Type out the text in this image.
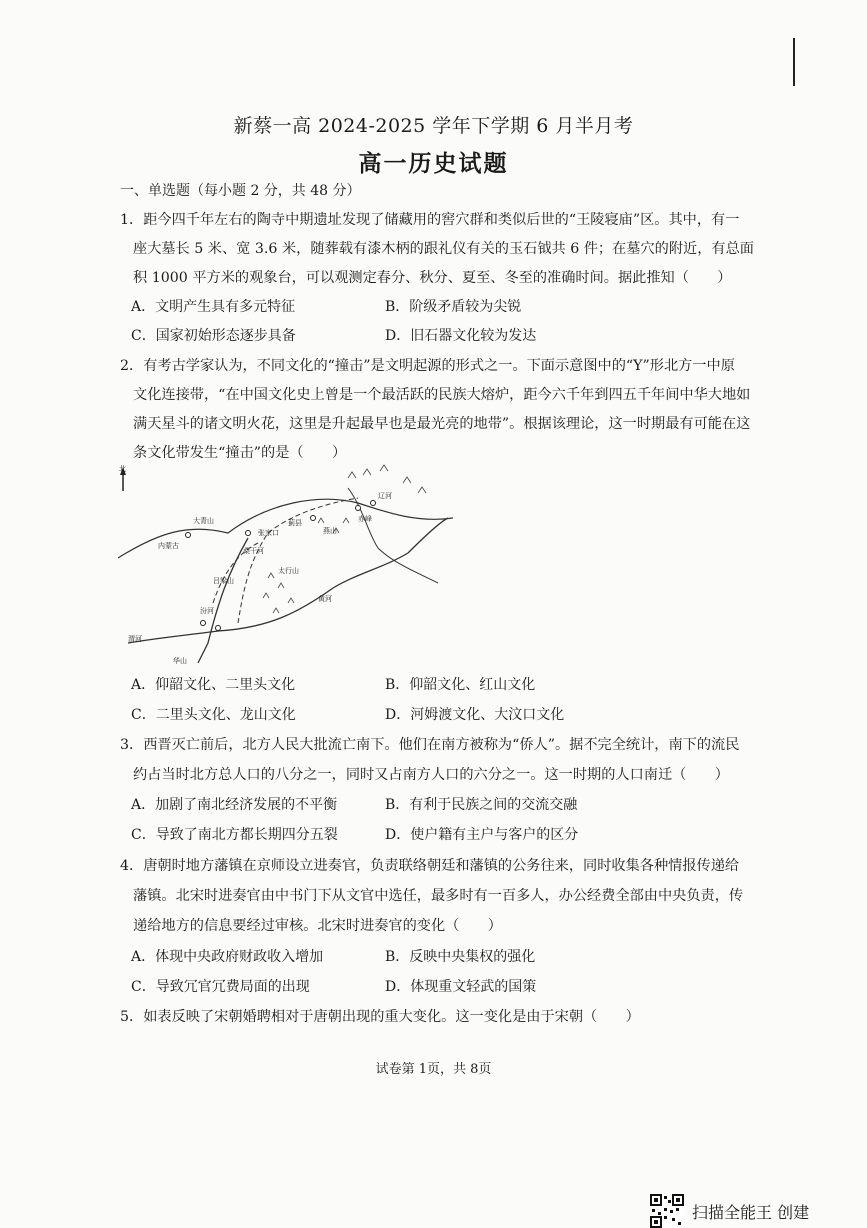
新蔡一高 2024-2025 学年下学期 6 月半月考
高一历史试题
一、单选题（每小题 2 分，共 48 分）
1．距今四千年左右的陶寺中期遗址发现了储藏用的窖穴群和类似后世的“王陵寝庙”区。其中，有一
座大墓长 5 米、宽 3.6 米，随葬载有漆木柄的跟礼仪有关的玉石钺共 6 件；在墓穴的附近，有总面
积 1000 平方米的观象台，可以观测定春分、秋分、夏至、冬至的准确时间。据此推知（　　）
A．文明产生具有多元特征	B．阶级矛盾较为尖锐
C．国家初始形态逐步具备	D．旧石器文化较为发达
2．有考古学家认为，不同文化的“撞击”是文明起源的形式之一。下面示意图中的“Y”形北方一中原
文化连接带，“在中国文化史上曾是一个最活跃的民族大熔炉，距今六千年到四五千年间中华大地如
满天星斗的诸文明火花，这里是升起最早也是最光亮的地带”。根据该理论，这一时期最有可能在这
条文化带发生“撞击”的是（　　）
北
大青山
燕山
辽河
赤峰
太行山
黄河
渭河
华山
吕梁山
蓟县
桑干河
张家口
汾河
内蒙古
A．仰韶文化、二里头文化	B．仰韶文化、红山文化
C．二里头文化、龙山文化	D．河姆渡文化、大汶口文化
3．西晋灭亡前后，北方人民大批流亡南下。他们在南方被称为“侨人”。据不完全统计，南下的流民
约占当时北方总人口的八分之一，同时又占南方人口的六分之一。这一时期的人口南迁（　　）
A．加剧了南北经济发展的不平衡	B．有利于民族之间的交流交融
C．导致了南北方都长期四分五裂	D．使户籍有主户与客户的区分
4．唐朝时地方藩镇在京师设立进奏官，负责联络朝廷和藩镇的公务往来，同时收集各种情报传递给
藩镇。北宋时进奏官由中书门下从文官中选任，最多时有一百多人，办公经费全部由中央负责，传
递给地方的信息要经过审核。北宋时进奏官的变化（　　）
A．体现中央政府财政收入增加	B．反映中央集权的强化
C．导致冗官冗费局面的出现	D．体现重文轻武的国策
5．如表反映了宋朝婚聘相对于唐朝出现的重大变化。这一变化是由于宋朝（　　）
试卷第 1页，共 8页
扫描全能王 创建
